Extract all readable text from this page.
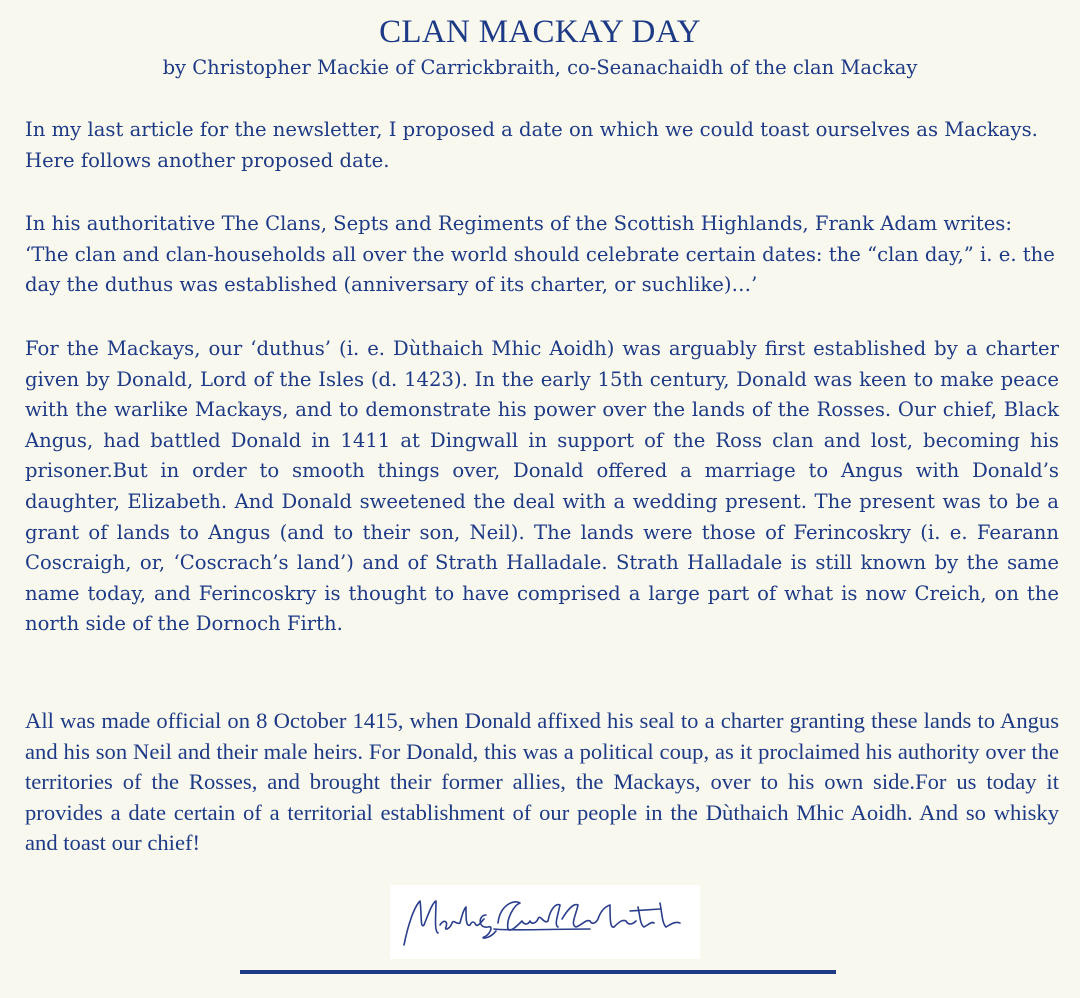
CLAN MACKAY DAY
by Christopher Mackie of Carrickbraith, co-Seanachaidh of the clan Mackay

In my last article for the newsletter, I proposed a date on which we could toast ourselves as Mackays. Here follows another proposed date.

In his authoritative The Clans, Septs and Regiments of the Scottish Highlands, Frank Adam writes: ‘The clan and clan-households all over the world should celebrate certain dates: the “clan day,” i. e. the day the duthus was established (anniversary of its charter, or suchlike)…’

For the Mackays, our ‘duthus’ (i. e. Dùthaich Mhic Aoidh) was arguably first established by a charter given by Donald, Lord of the Isles (d. 1423). In the early 15th century, Donald was keen to make peace with the warlike Mackays, and to demonstrate his power over the lands of the Rosses. Our chief, Black Angus, had battled Donald in 1411 at Dingwall in support of the Ross clan and lost, becoming his prisoner.But in order to smooth things over, Donald offered a marriage to Angus with Donald’s daughter, Elizabeth. And Donald sweetened the deal with a wedding present. The present was to be a grant of lands to Angus (and to their son, Neil). The lands were those of Ferincoskry (i. e. Fearann Coscraigh, or, ‘Coscrach’s land’) and of Strath Halladale. Strath Halladale is still known by the same name today, and Ferincoskry is thought to have comprised a large part of what is now Creich, on the north side of the Dornoch Firth.

All was made official on 8 October 1415, when Donald affixed his seal to a charter granting these lands to Angus and his son Neil and their male heirs. For Donald, this was a political coup, as it proclaimed his authority over the territories of the Rosses, and brought their former allies, the Mackays, over to his own side.For us today it provides a date certain of a territorial establishment of our people in the Dùthaich Mhic Aoidh. And so whisky and toast our chief!
